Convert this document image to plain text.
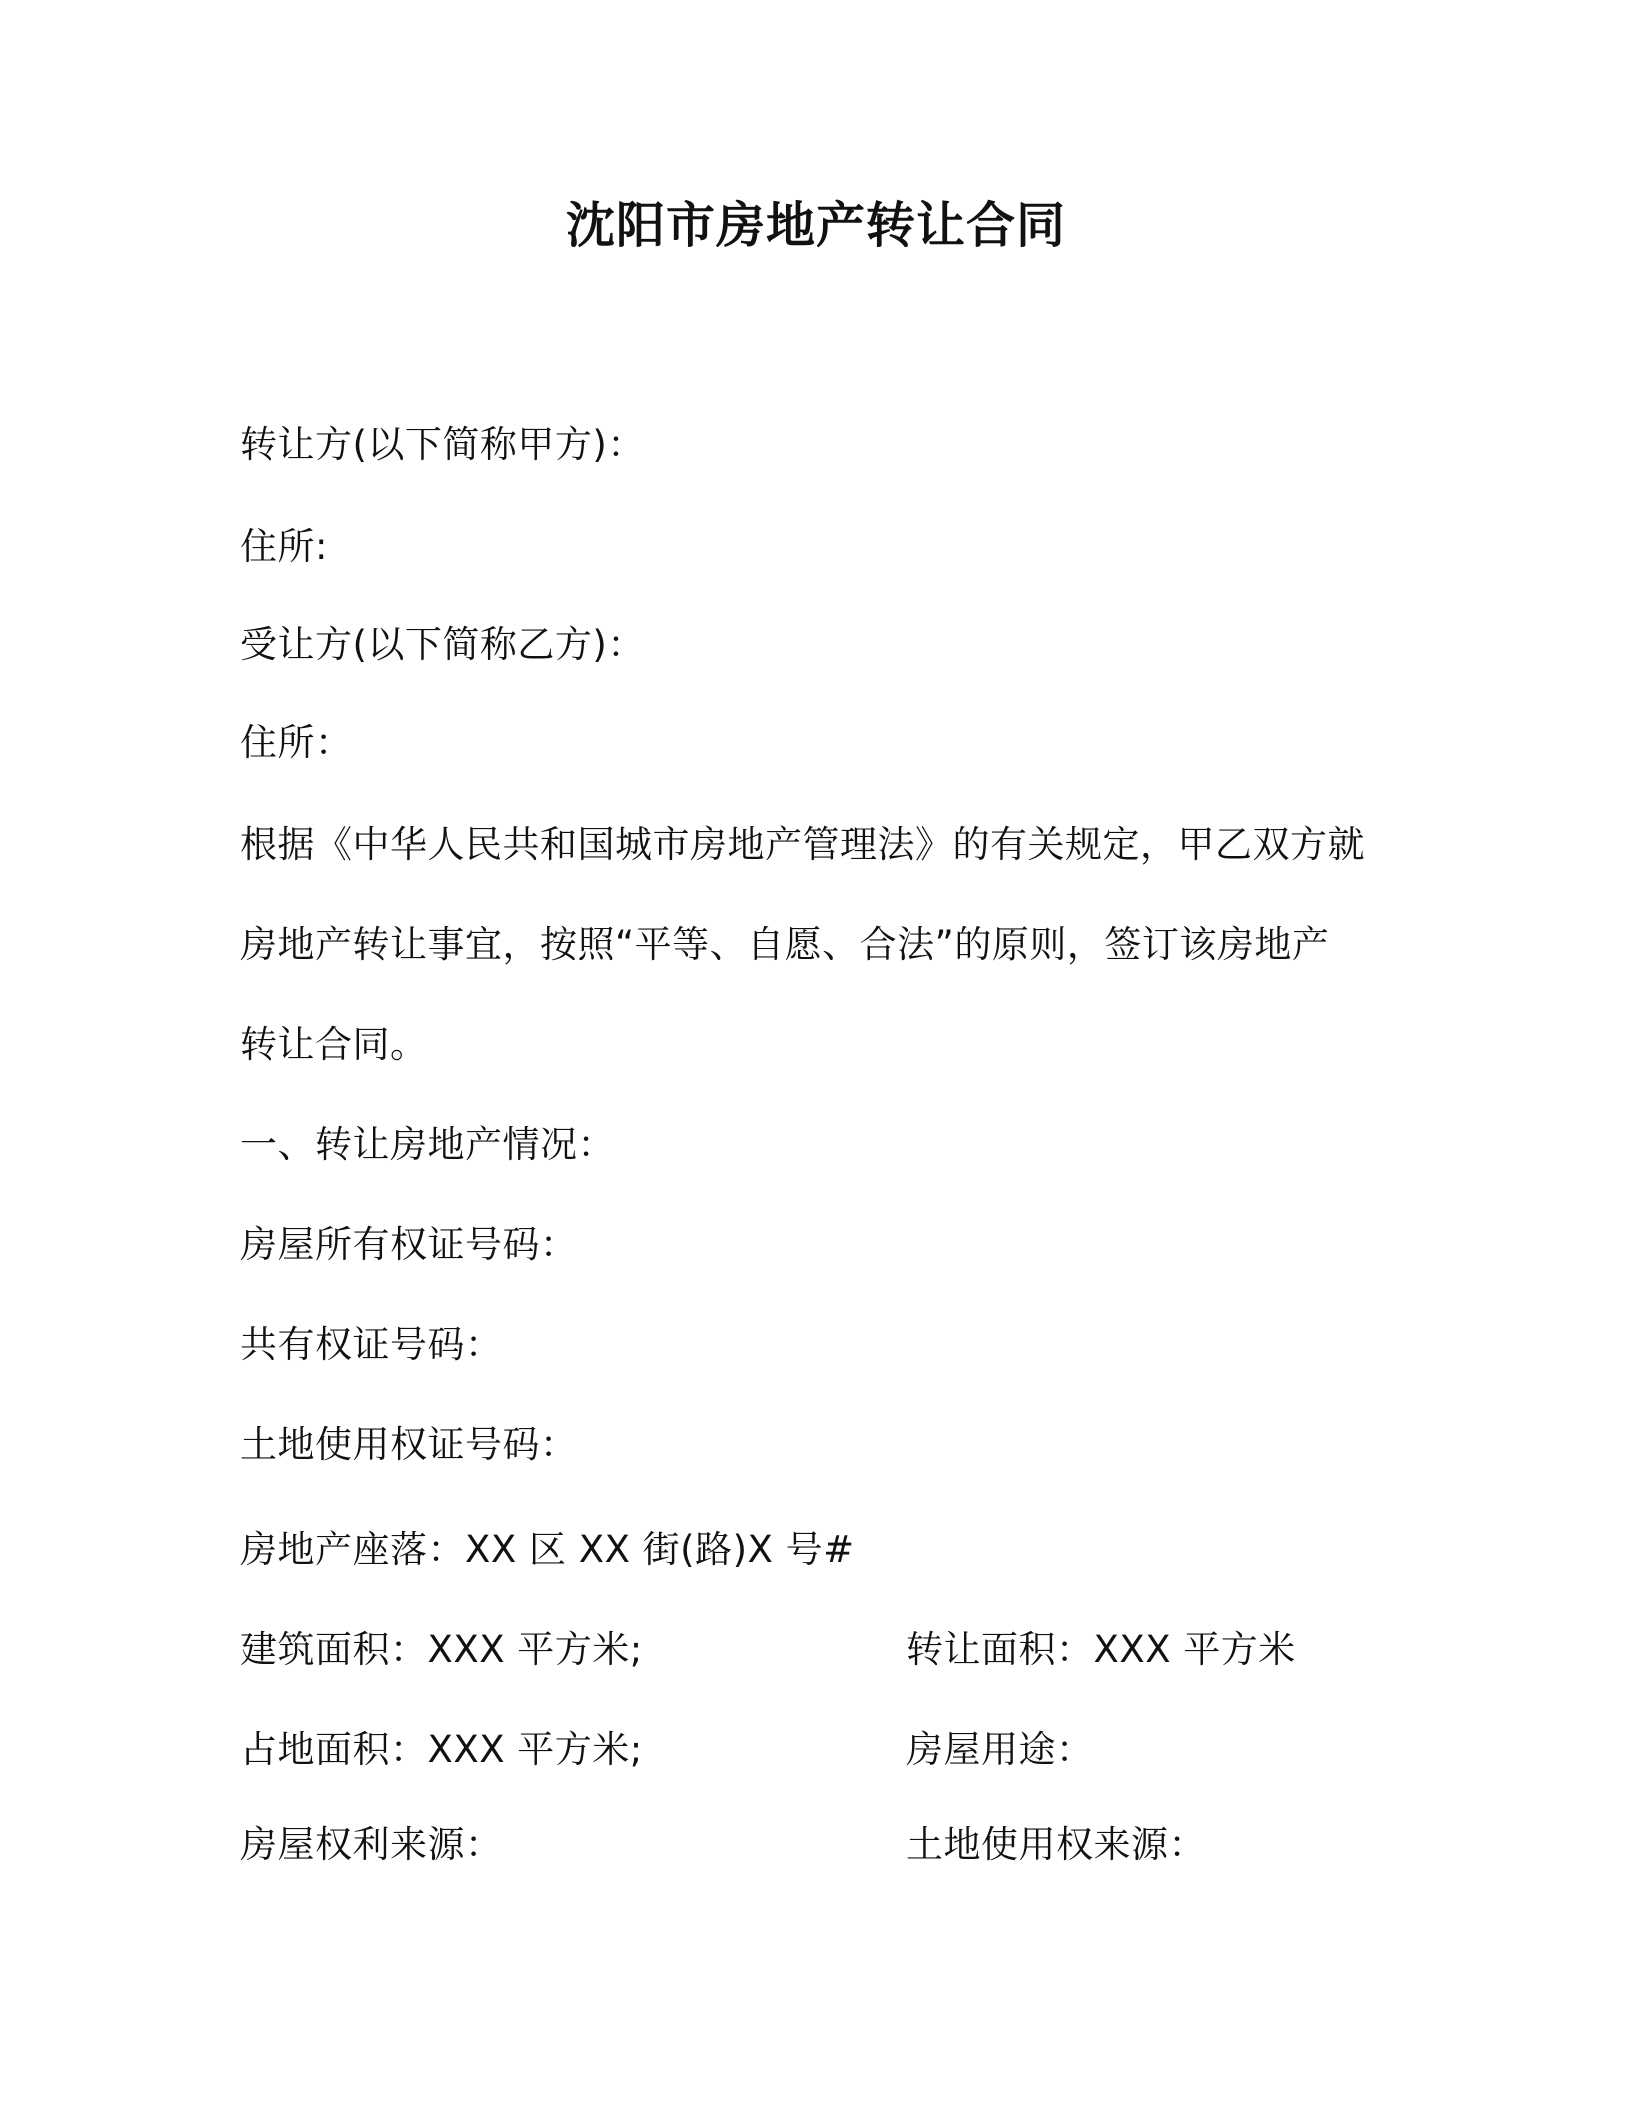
沈阳市房地产转让合同
转让方(以下简称甲方)：
住所:
受让方(以下简称乙方)：
住所：
根据《中华人民共和国城市房地产管理法》的有关规定，甲乙双方就
房地产转让事宜，按照“平等、自愿、合法”的原则，签订该房地产
转让合同。
一、转让房地产情况：
房屋所有权证号码：
共有权证号码：
土地使用权证号码：
房地产座落：XX 区 XX 街(路)X 号#
建筑面积：XXX 平方米;	转让面积：XXX 平方米
占地面积：XXX 平方米;	房屋用途：
房屋权利来源：	土地使用权来源：
